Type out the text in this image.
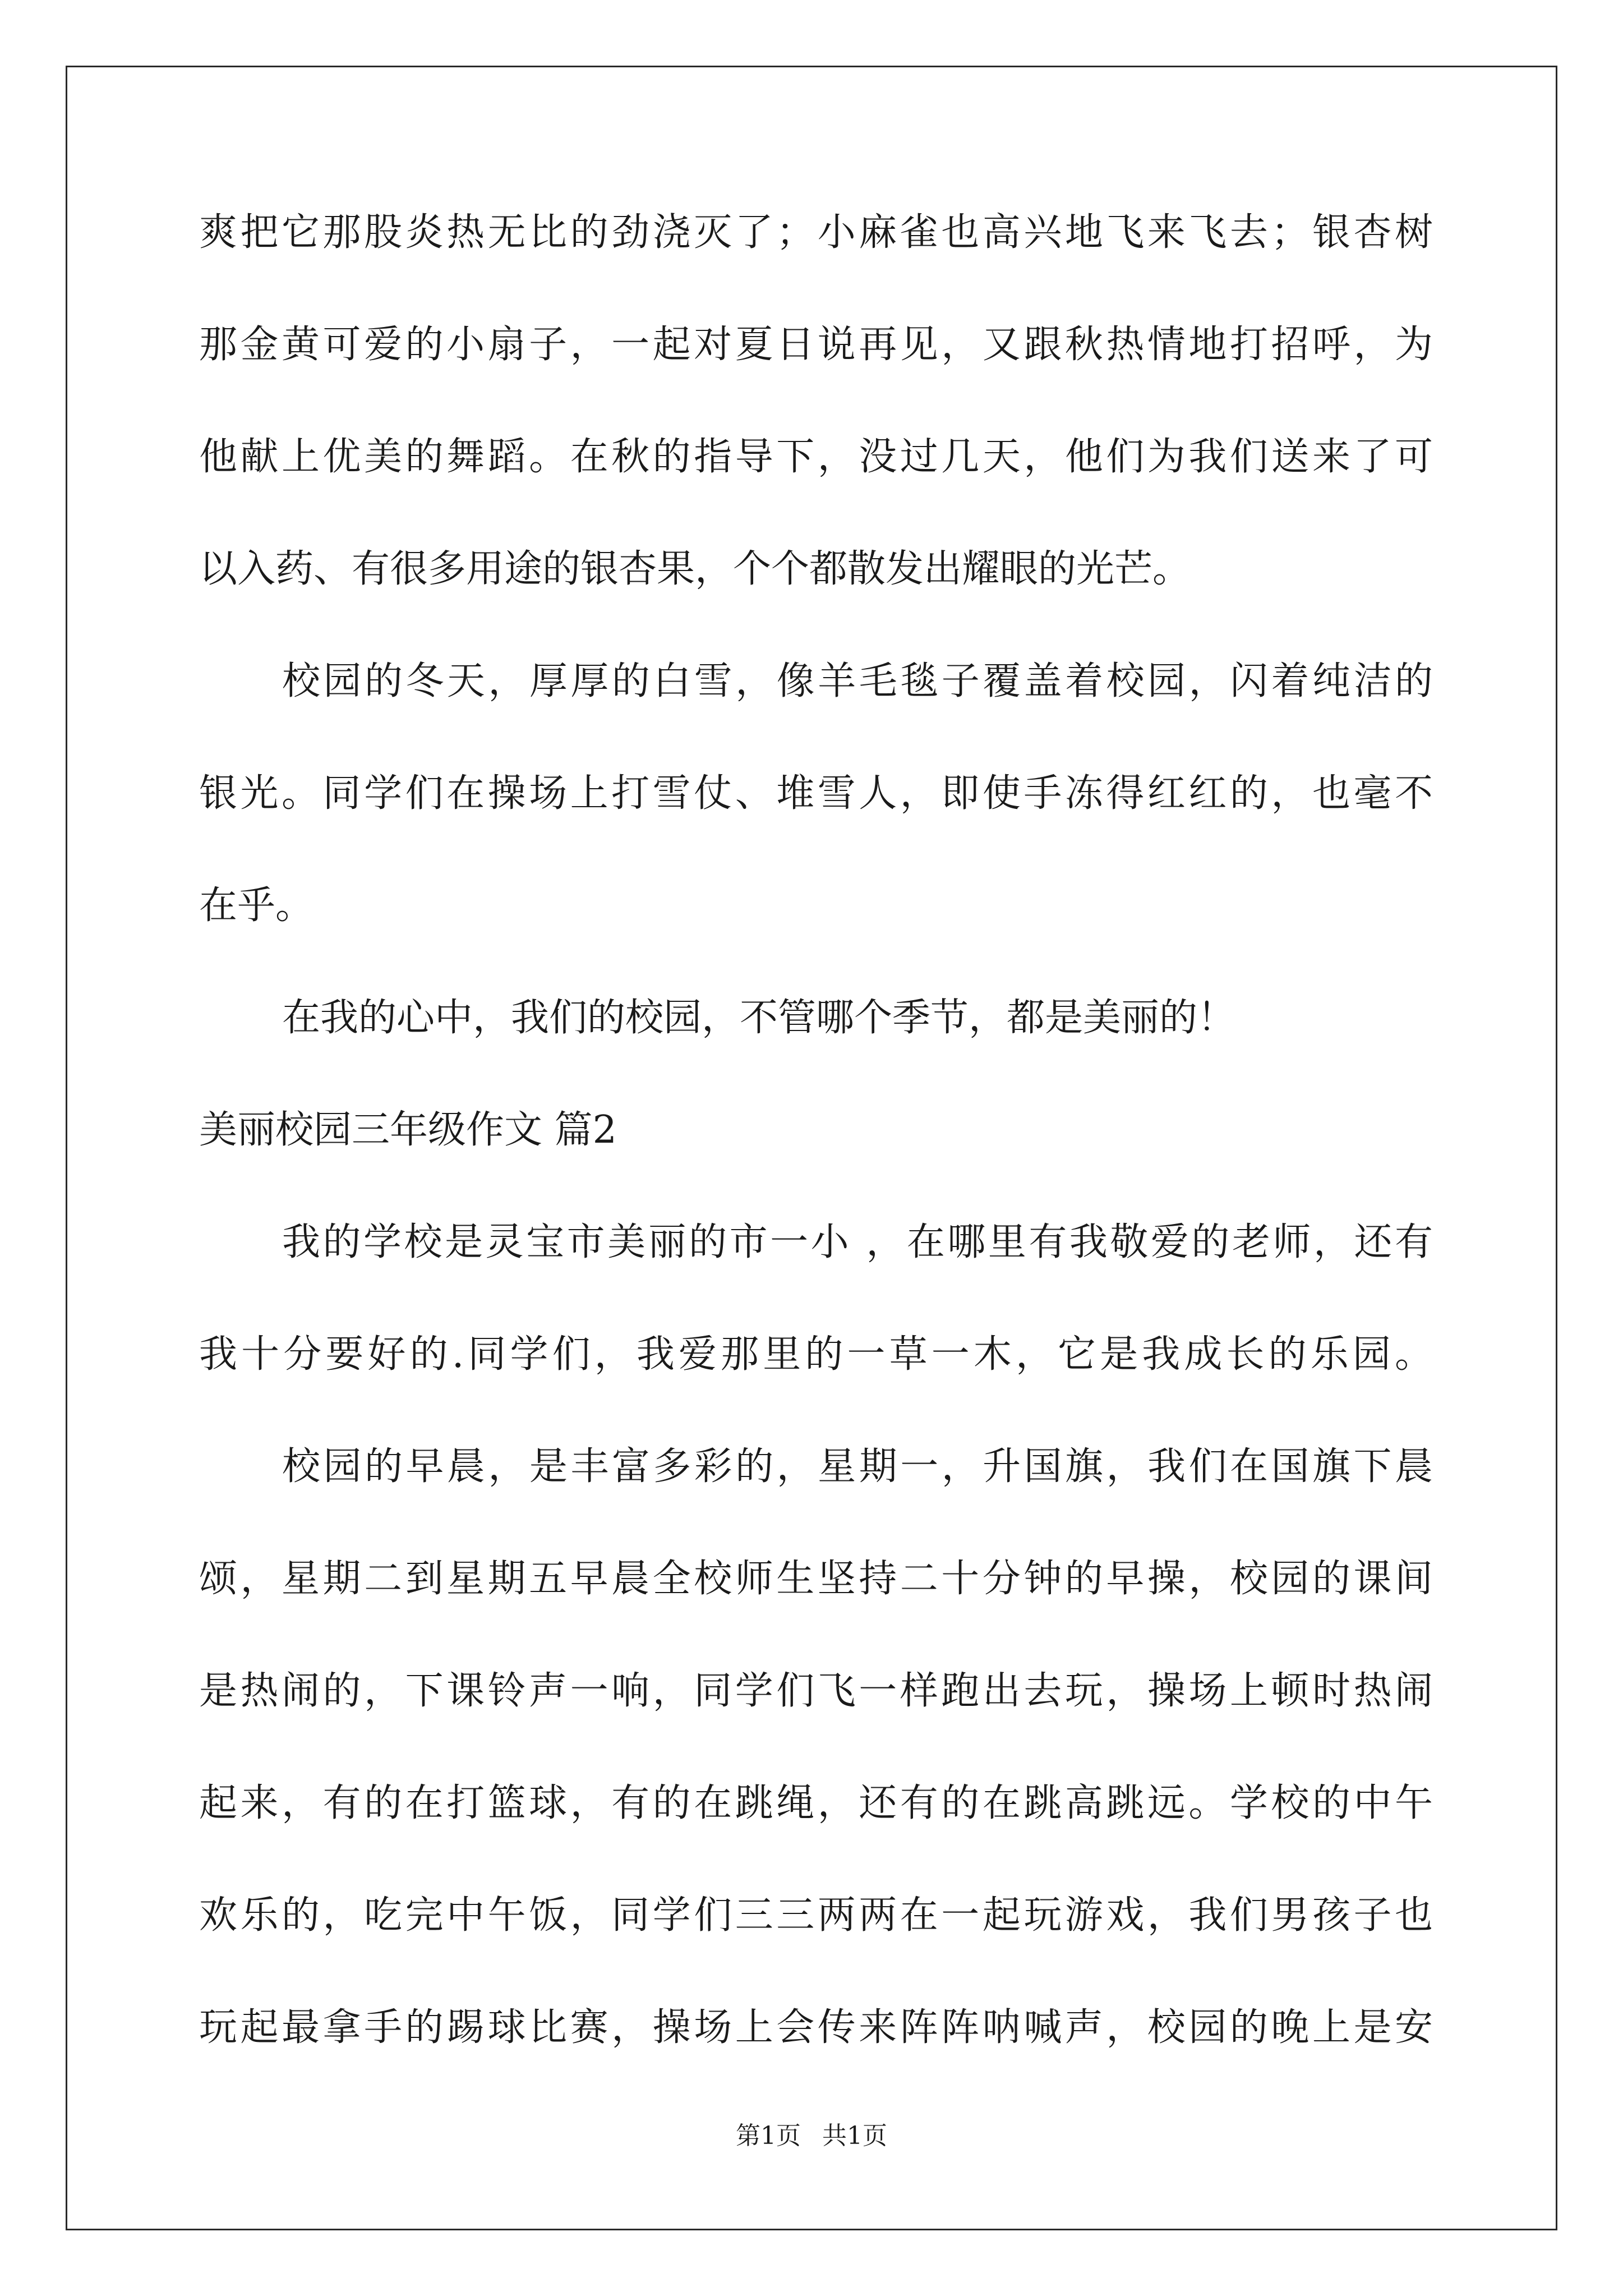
爽把它那股炎热无比的劲浇灭了；小麻雀也高兴地飞来飞去；银杏树
那金黄可爱的小扇子，一起对夏日说再见，又跟秋热情地打招呼，为
他献上优美的舞蹈。在秋的指导下，没过几天，他们为我们送来了可
以入药、有很多用途的银杏果，个个都散发出耀眼的光芒。
校园的冬天，厚厚的白雪，像羊毛毯子覆盖着校园，闪着纯洁的
银光。同学们在操场上打雪仗、堆雪人，即使手冻得红红的，也毫不
在乎。
在我的心中，我们的校园，不管哪个季节，都是美丽的！
美丽校园三年级作文 篇2
我的学校是灵宝市美丽的市一小 ，在哪里有我敬爱的老师，还有
我十分要好的.同学们，我爱那里的一草一木，它是我成长的乐园。
校园的早晨，是丰富多彩的，星期一，升国旗，我们在国旗下晨
颂，星期二到星期五早晨全校师生坚持二十分钟的早操，校园的课间
是热闹的，下课铃声一响，同学们飞一样跑出去玩，操场上顿时热闹
起来，有的在打篮球，有的在跳绳，还有的在跳高跳远。学校的中午
欢乐的，吃完中午饭，同学们三三两两在一起玩游戏，我们男孩子也
玩起最拿手的踢球比赛，操场上会传来阵阵呐喊声，校园的晚上是安
第1页 共1页
